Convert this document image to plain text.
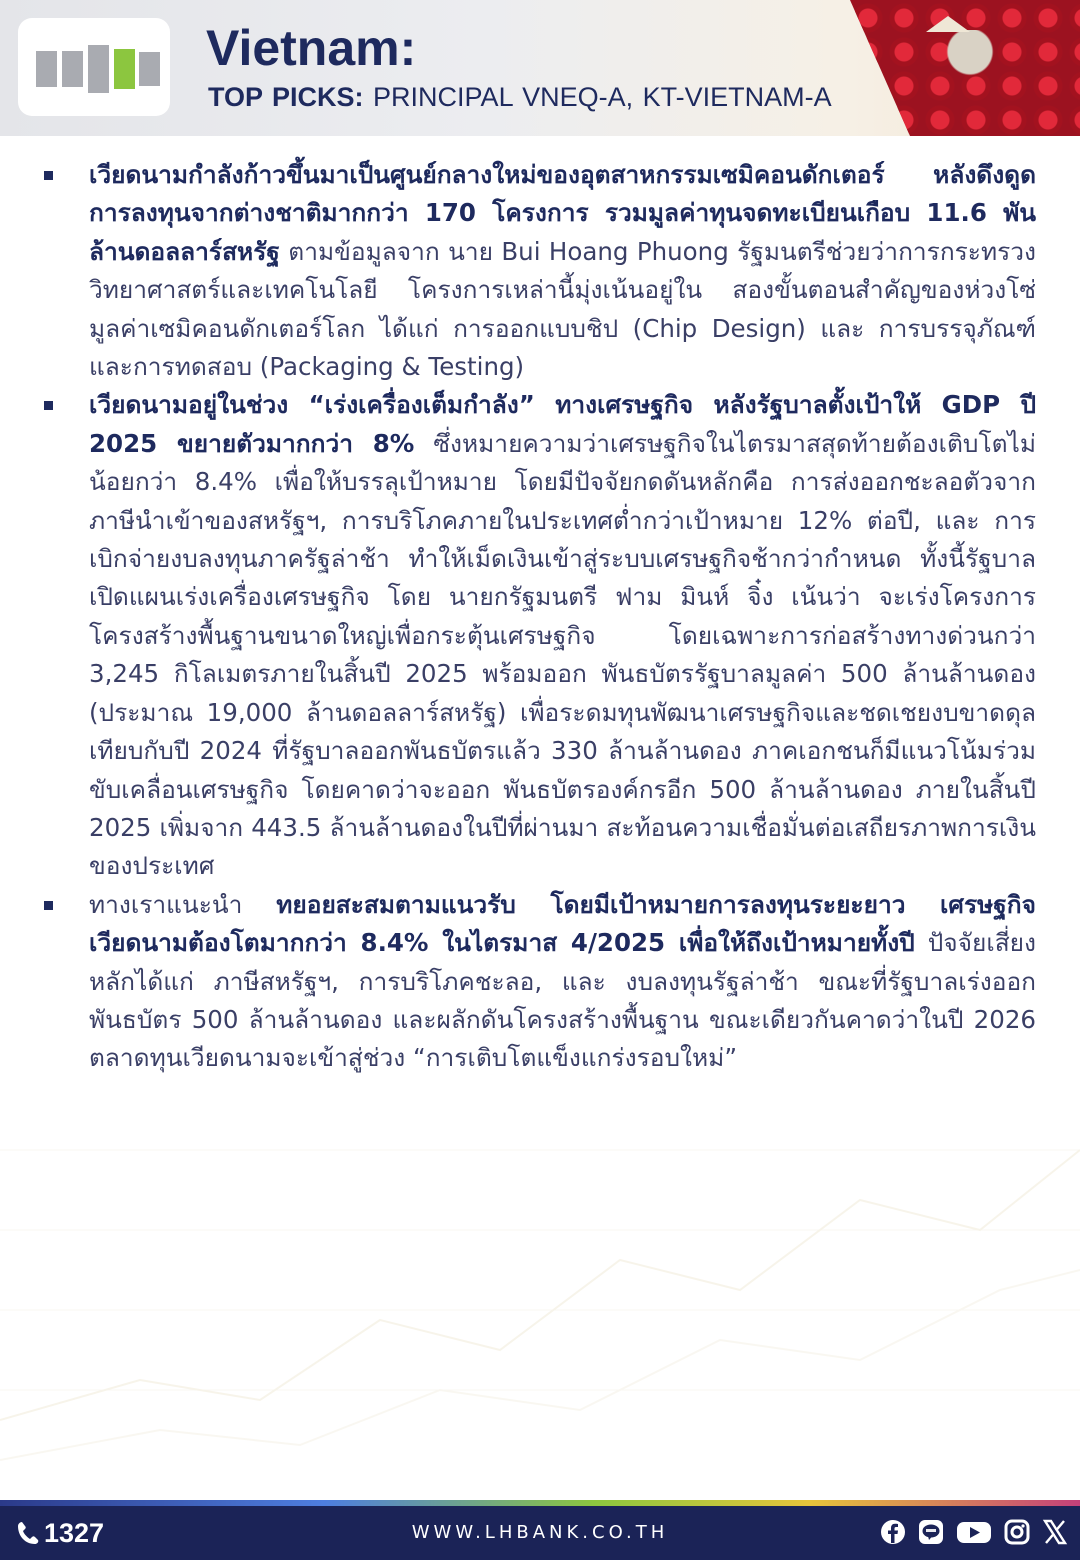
Vietnam:

TOP PICKS: PRINCIPAL VNEQ-A, KT-VIETNAM-A

เวียดนามกำลังก้าวขึ้นมาเป็นศูนย์กลางใหม่ของอุตสาหกรรมเซมิคอนดักเตอร์ หลังดึงดูดการลงทุนจากต่างชาติมากกว่า 170 โครงการ รวมมูลค่าทุนจดทะเบียนเกือบ 11.6 พันล้านดอลลาร์สหรัฐ ตามข้อมูลจาก นาย Bui Hoang Phuong รัฐมนตรีช่วยว่าการกระทรวงวิทยาศาสตร์และเทคโนโลยี โครงการเหล่านี้มุ่งเน้นอยู่ใน สองขั้นตอนสำคัญของห่วงโซ่มูลค่าเซมิคอนดักเตอร์โลก ได้แก่ การออกแบบชิป (Chip Design) และ การบรรจุภัณฑ์และการทดสอบ (Packaging & Testing)
เวียดนามอยู่ในช่วง “เร่งเครื่องเต็มกำลัง” ทางเศรษฐกิจ หลังรัฐบาลตั้งเป้าให้ GDP ปี 2025 ขยายตัวมากกว่า 8% ซึ่งหมายความว่าเศรษฐกิจในไตรมาสสุดท้ายต้องเติบโตไม่น้อยกว่า 8.4% เพื่อให้บรรลุเป้าหมาย โดยมีปัจจัยกดดันหลักคือ การส่งออกชะลอตัวจากภาษีนำเข้าของสหรัฐฯ, การบริโภคภายในประเทศต่ำกว่าเป้าหมาย 12% ต่อปี, และ การเบิกจ่ายงบลงทุนภาครัฐล่าช้า ทำให้เม็ดเงินเข้าสู่ระบบเศรษฐกิจช้ากว่ากำหนด ทั้งนี้รัฐบาลเปิดแผนเร่งเครื่องเศรษฐกิจ โดย นายกรัฐมนตรี ฟาม มินห์ จิ๋ง เน้นว่า จะเร่งโครงการโครงสร้างพื้นฐานขนาดใหญ่เพื่อกระตุ้นเศรษฐกิจ โดยเฉพาะการก่อสร้างทางด่วนกว่า 3,245 กิโลเมตรภายในสิ้นปี 2025 พร้อมออก พันธบัตรรัฐบาลมูลค่า 500 ล้านล้านดอง (ประมาณ 19,000 ล้านดอลลาร์สหรัฐ) เพื่อระดมทุนพัฒนาเศรษฐกิจและชดเชยงบขาดดุล เทียบกับปี 2024 ที่รัฐบาลออกพันธบัตรแล้ว 330 ล้านล้านดอง ภาคเอกชนก็มีแนวโน้มร่วมขับเคลื่อนเศรษฐกิจ โดยคาดว่าจะออก พันธบัตรองค์กรอีก 500 ล้านล้านดอง ภายในสิ้นปี 2025 เพิ่มจาก 443.5 ล้านล้านดองในปีที่ผ่านมา สะท้อนความเชื่อมั่นต่อเสถียรภาพการเงินของประเทศ
ทางเราแนะนำ ทยอยสะสมตามแนวรับ โดยมีเป้าหมายการลงทุนระยะยาว เศรษฐกิจเวียดนามต้องโตมากกว่า 8.4% ในไตรมาส 4/2025 เพื่อให้ถึงเป้าหมายทั้งปี ปัจจัยเสี่ยงหลักได้แก่ ภาษีสหรัฐฯ, การบริโภคชะลอ, และ งบลงทุนรัฐล่าช้า ขณะที่รัฐบาลเร่งออกพันธบัตร 500 ล้านล้านดอง และผลักดันโครงสร้างพื้นฐาน ขณะเดียวกันคาดว่าในปี 2026 ตลาดทุนเวียดนามจะเข้าสู่ช่วง “การเติบโตแข็งแกร่งรอบใหม่”
1327	WWW.LHBANK.CO.TH
